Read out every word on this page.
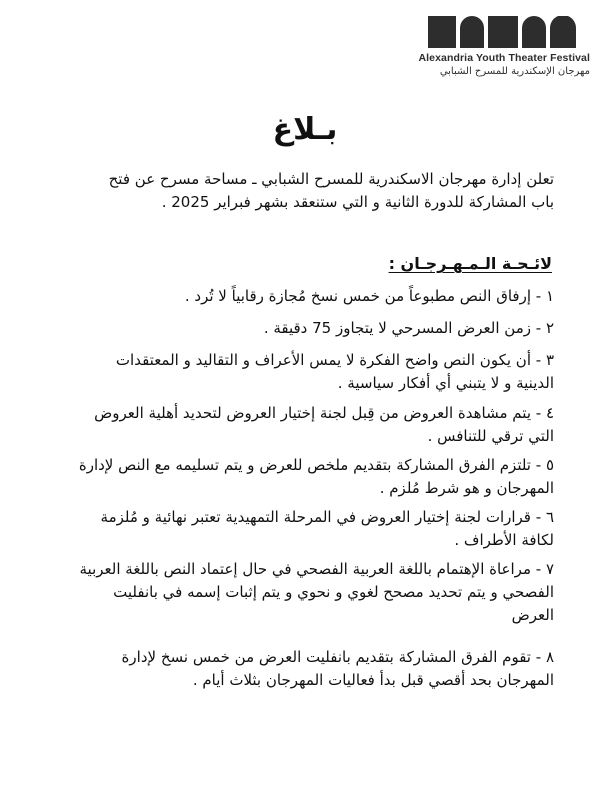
Alexandria Youth Theater Festival
مهرجان الإسكندرية للمسرح الشبابي
بـلاغ

تعلن إدارة مهرجان الاسكندرية للمسرح الشبابي ـ مساحة مسرح عن فتح باب المشاركة للدورة الثانية و التي ستنعقد بشهر فبراير 2025 .

لائـحـة الـمـهـرجـان :

١ - إرفاق النص مطبوعاً من خمس نسخ مُجازة رقابياً لا تُرد .

٢ - زمن العرض المسرحي لا يتجاوز 75 دقيقة .

٣ - أن يكون النص واضح الفكرة لا يمس الأعراف و التقاليد و المعتقدات الدينية و لا يتبني أي أفكار سياسية .

٤ - يتم مشاهدة العروض من قِبل لجنة إختيار العروض لتحديد أهلية العروض التي ترقي للتنافس .

٥ - تلتزم الفرق المشاركة بتقديم ملخص للعرض و يتم تسليمه مع النص لإدارة المهرجان و هو شرط مُلزم .

٦ - قرارات لجنة إختيار العروض في المرحلة التمهيدية تعتبر نهائية و مُلزمة لكافة الأطراف .

٧ - مراعاة الإهتمام باللغة العربية الفصحي في حال إعتماد النص باللغة العربية الفصحي و يتم تحديد مصحح لغوي و نحوي و يتم إثبات إسمه في بانفليت العرض

٨ - تقوم الفرق المشاركة بتقديم بانفليت العرض من خمس نسخ لإدارة المهرجان بحد أقصي قبل بدأ فعاليات المهرجان بثلاث أيام .
